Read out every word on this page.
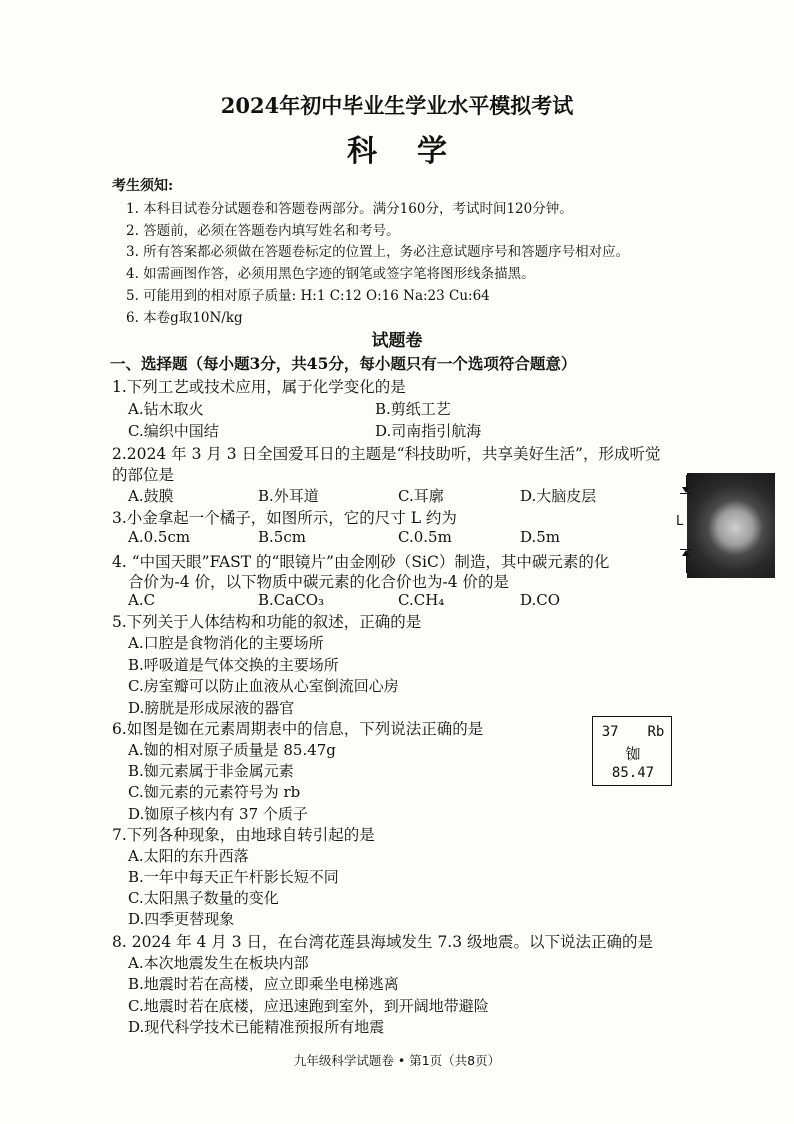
2024年初中毕业生学业水平模拟考试
科学
考生须知:
1. 本科目试卷分试题卷和答题卷两部分。满分160分，考试时间120分钟。
2. 答题前，必须在答题卷内填写姓名和考号。
3. 所有答案都必须做在答题卷标定的位置上，务必注意试题序号和答题序号相对应。
4. 如需画图作答，必须用黑色字迹的钢笔或签字笔将图形线条描黑。
5. 可能用到的相对原子质量: H:1 C:12 O:16 Na:23 Cu:64
6. 本卷g取10N/kg
试题卷
一、选择题（每小题3分，共45分，每小题只有一个选项符合题意）
1.下列工艺或技术应用，属于化学变化的是
A.钻木取火	B.剪纸工艺
C.编织中国结	D.司南指引航海
2.2024 年 3 月 3 日全国爱耳日的主题是“科技助听，共享美好生活”，形成听觉
的部位是
A.鼓膜	B.外耳道	C.耳廓	D.大脑皮层
3.小金拿起一个橘子，如图所示，它的尺寸 L 约为
A.0.5cm	B.5cm	C.0.5m	D.5m
L
4. “中国天眼”FAST 的“眼镜片”由金刚砂（SiC）制造，其中碳元素的化
合价为-4 价，以下物质中碳元素的化合价也为-4 价的是
A.C	B.CaCO₃	C.CH₄	D.CO
5.下列关于人体结构和功能的叙述，正确的是
A.口腔是食物消化的主要场所
B.呼吸道是气体交换的主要场所
C.房室瓣可以防止血液从心室倒流回心房
D.膀胱是形成尿液的器官
6.如图是铷在元素周期表中的信息，下列说法正确的是
A.铷的相对原子质量是 85.47g
B.铷元素属于非金属元素
C.铷元素的元素符号为 rb
D.铷原子核内有 37 个质子
37 Rb
铷
85.47
7.下列各种现象，由地球自转引起的是
A.太阳的东升西落
B.一年中每天正午杆影长短不同
C.太阳黑子数量的变化
D.四季更替现象
8. 2024 年 4 月 3 日，在台湾花莲县海域发生 7.3 级地震。以下说法正确的是
A.本次地震发生在板块内部
B.地震时若在高楼，应立即乘坐电梯逃离
C.地震时若在底楼，应迅速跑到室外，到开阔地带避险
D.现代科学技术已能精准预报所有地震
九年级科学试题卷 • 第1页（共8页）
